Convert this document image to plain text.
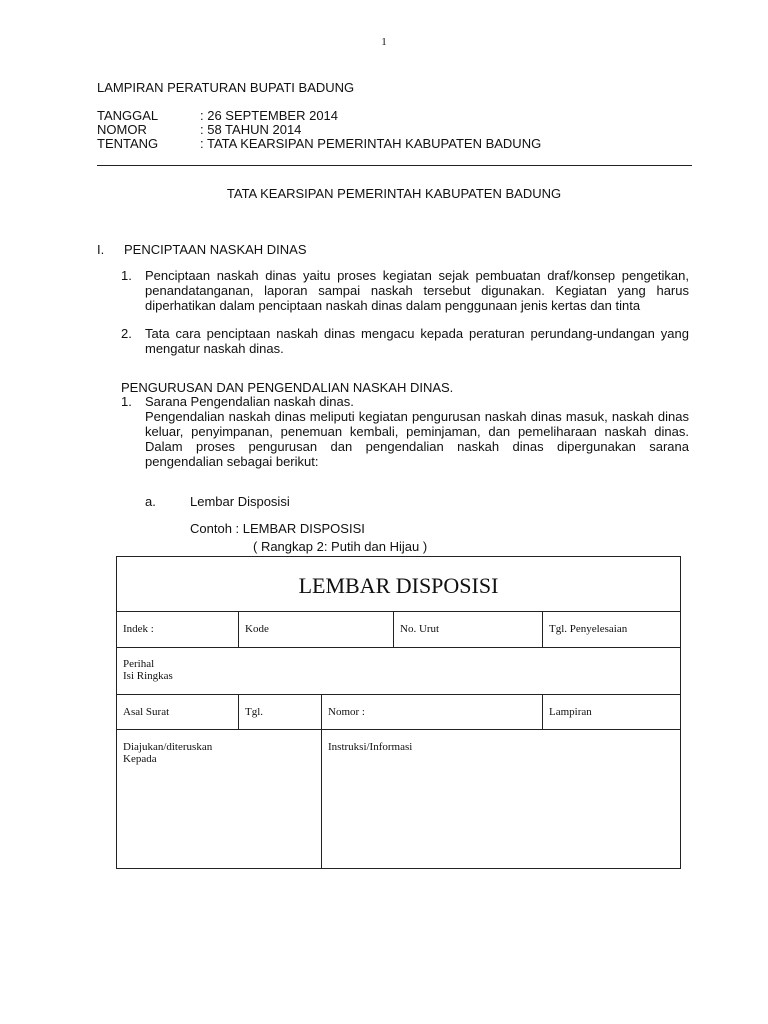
1
LAMPIRAN PERATURAN BUPATI BADUNG
TANGGAL	: 26 SEPTEMBER 2014
NOMOR	: 58 TAHUN 2014
TENTANG	: TATA KEARSIPAN PEMERINTAH KABUPATEN BADUNG
TATA KEARSIPAN PEMERINTAH KABUPATEN BADUNG
I. PENCIPTAAN NASKAH DINAS
1. Penciptaan naskah dinas yaitu proses kegiatan sejak pembuatan draf/konsep pengetikan, penandatanganan, laporan sampai naskah tersebut digunakan. Kegiatan yang harus diperhatikan dalam penciptaan naskah dinas dalam penggunaan jenis kertas dan tinta
2. Tata cara penciptaan naskah dinas mengacu kepada peraturan perundang-undangan yang mengatur naskah dinas.
PENGURUSAN DAN PENGENDALIAN NASKAH DINAS.
1. Sarana Pengendalian naskah dinas.
Pengendalian naskah dinas meliputi kegiatan pengurusan naskah dinas masuk, naskah dinas keluar, penyimpanan, penemuan kembali, peminjaman, dan pemeliharaan naskah dinas. Dalam proses pengurusan dan pengendalian naskah dinas dipergunakan sarana pengendalian sebagai berikut:
a.	Lembar Disposisi
Contoh : LEMBAR DISPOSISI
( Rangkap 2: Putih dan Hijau )
LEMBAR DISPOSISI
Indek :	Kode	No. Urut	Tgl. Penyelesaian
Perihal
Isi Ringkas
Asal Surat	Tgl.	Nomor :	Lampiran
Diajukan/diteruskan
Kepada
Instruksi/Informasi
